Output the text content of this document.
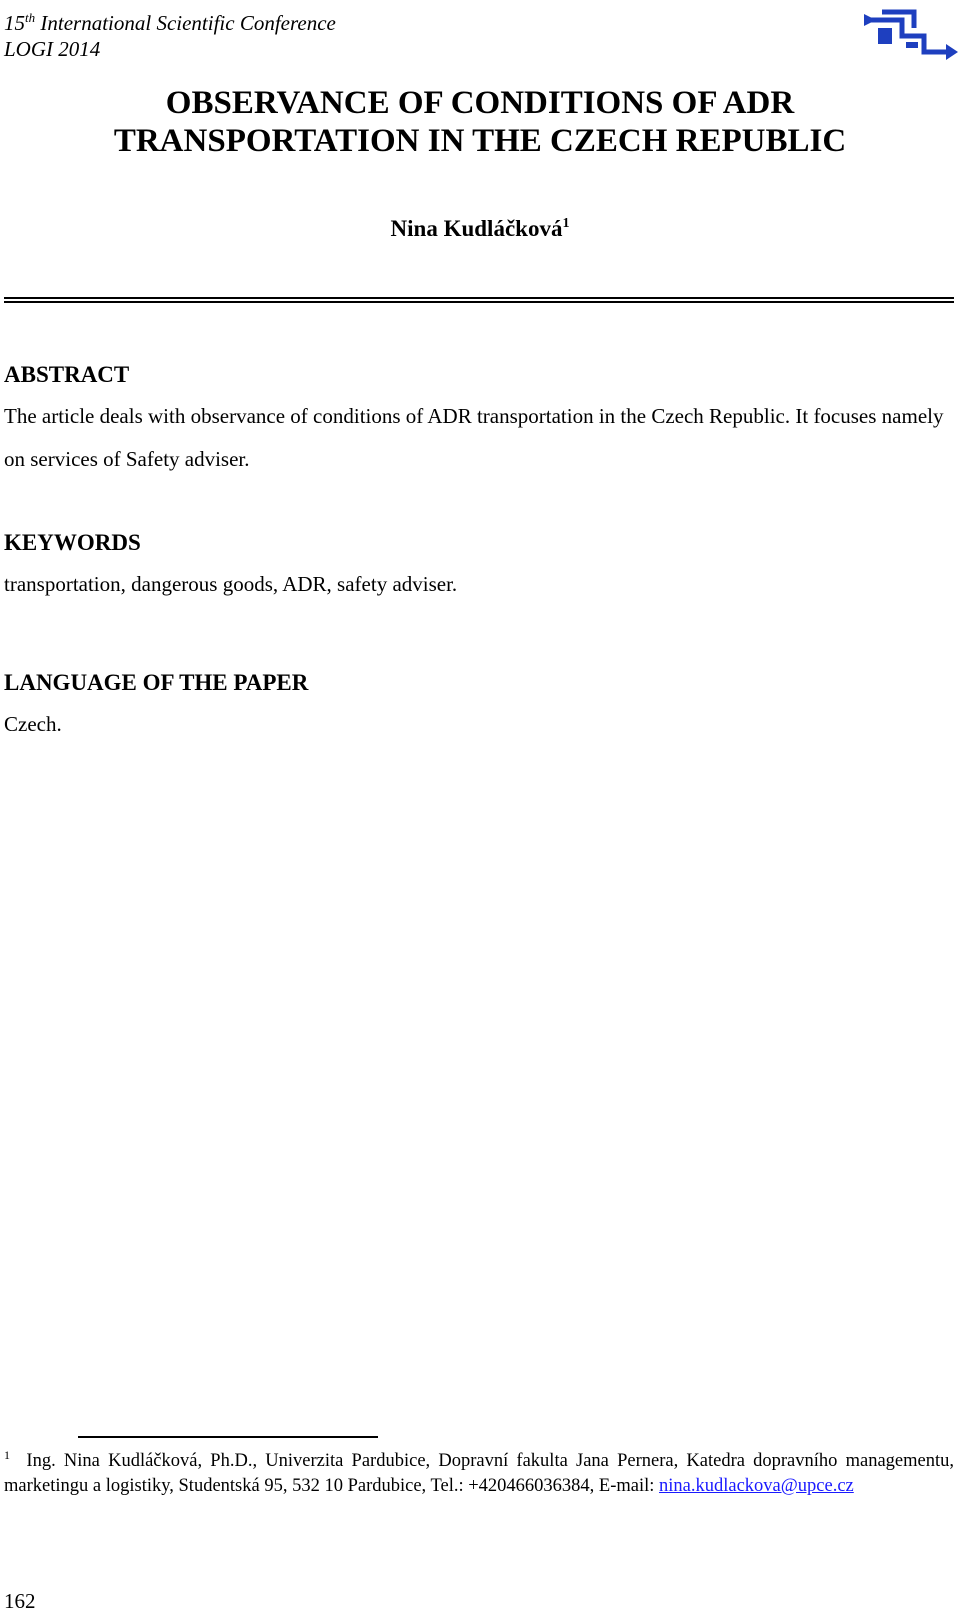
15th International Scientific Conference
LOGI 2014
OBSERVANCE OF CONDITIONS OF ADR
TRANSPORTATION IN THE CZECH REPUBLIC
Nina Kudláčková$^1$
ABSTRACT
The article deals with observance of conditions of ADR transportation in the Czech Republic. It focuses namely on services of Safety adviser.
KEYWORDS
transportation, dangerous goods, ADR, safety adviser.
LANGUAGE OF THE PAPER
Czech.
$^1$ Ing. Nina Kudláčková, Ph.D., Univerzita Pardubice, Dopravní fakulta Jana Pernera, Katedra dopravního managementu, marketingu a logistiky, Studentská 95, 532 10 Pardubice, Tel.: +420466036384, E-mail: nina.kudlackova@upce.cz
162
